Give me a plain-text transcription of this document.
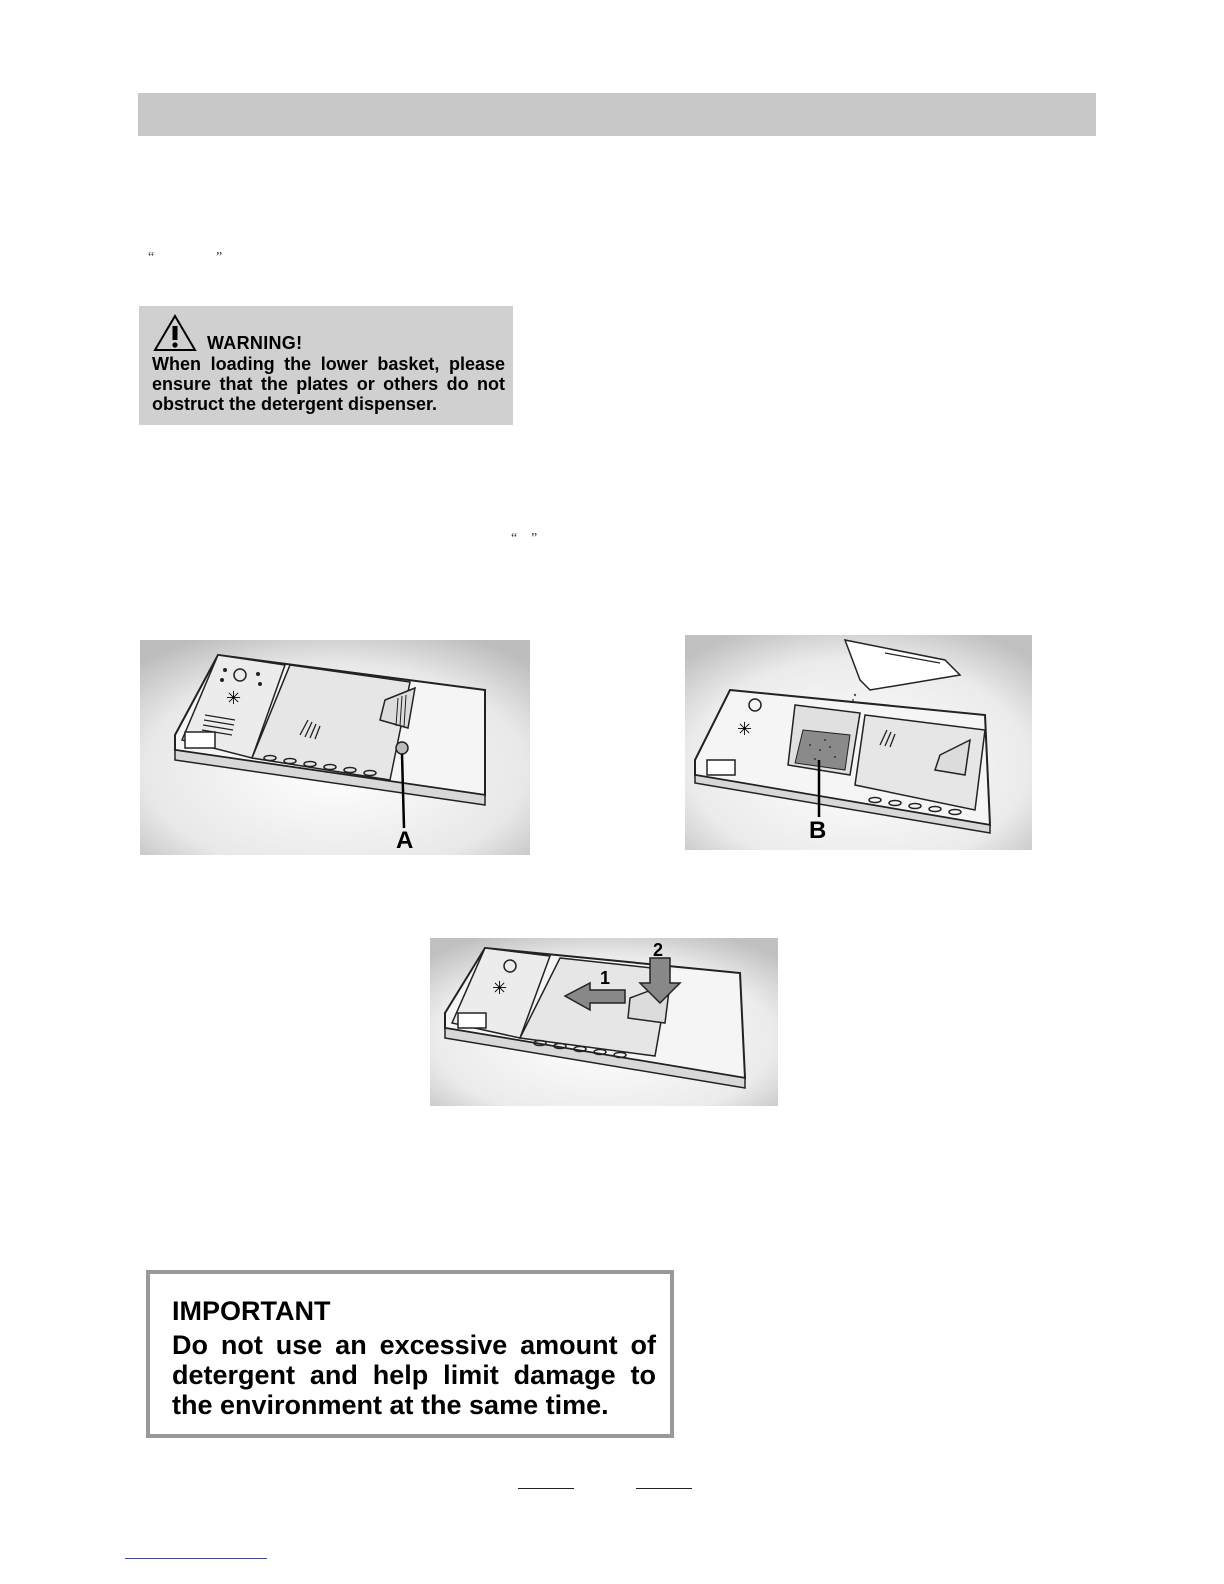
“	”
WARNING!
When loading the lower basket, please ensure that the plates or others do not obstruct the detergent dispenser.
“ ”
✳
A
✳
B
✳	1
2
IMPORTANT
Do not use an excessive amount of detergent and help limit damage to the environment at the same time.
